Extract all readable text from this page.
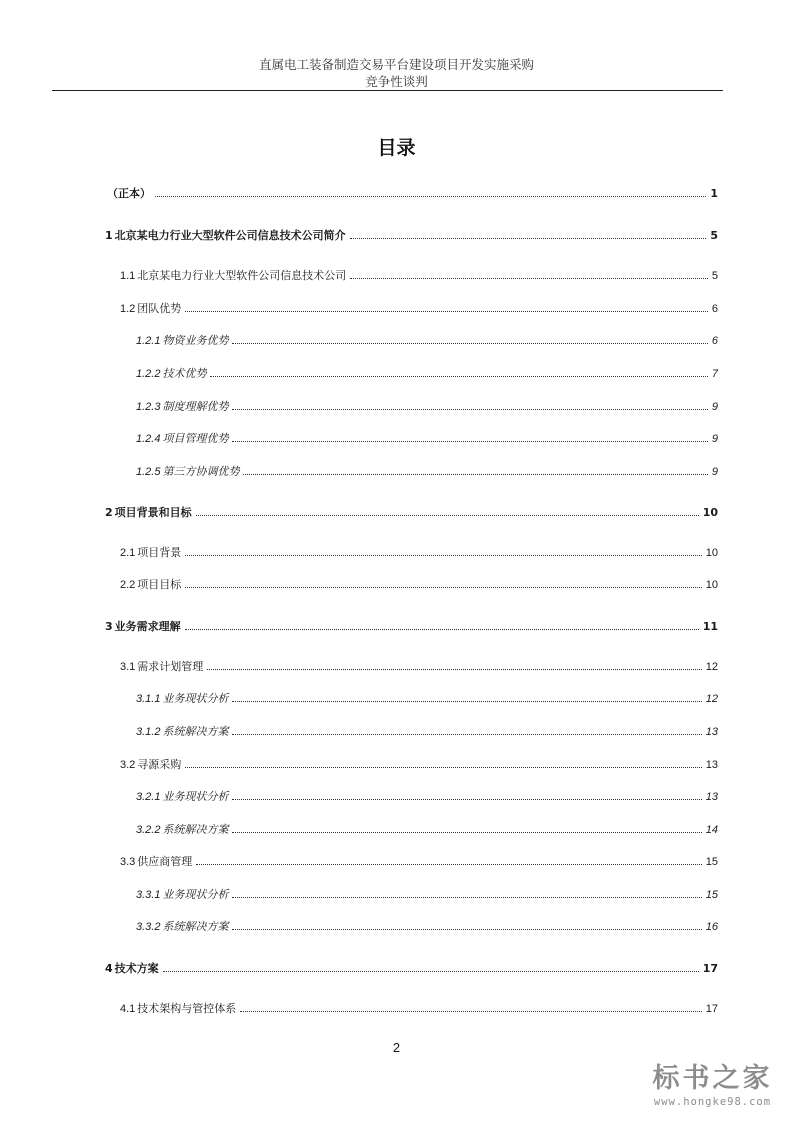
直属电工装备制造交易平台建设项目开发实施采购
竞争性谈判
目录
（正本）	1
1 北京某电力行业大型软件公司信息技术公司简介	5
1.1 北京某电力行业大型软件公司信息技术公司	5
1.2 团队优势	6
1.2.1 物资业务优势	6
1.2.2 技术优势	7
1.2.3 制度理解优势	9
1.2.4 项目管理优势	9
1.2.5 第三方协调优势	9
2 项目背景和目标	10
2.1 项目背景	10
2.2 项目目标	10
3 业务需求理解	11
3.1 需求计划管理	12
3.1.1 业务现状分析	12
3.1.2 系统解决方案	13
3.2 寻源采购	13
3.2.1 业务现状分析	13
3.2.2 系统解决方案	14
3.3 供应商管理	15
3.3.1 业务现状分析	15
3.3.2 系统解决方案	16
4 技术方案	17
4.1 技术架构与管控体系	17
2
标书之家
www.hongke98.com
